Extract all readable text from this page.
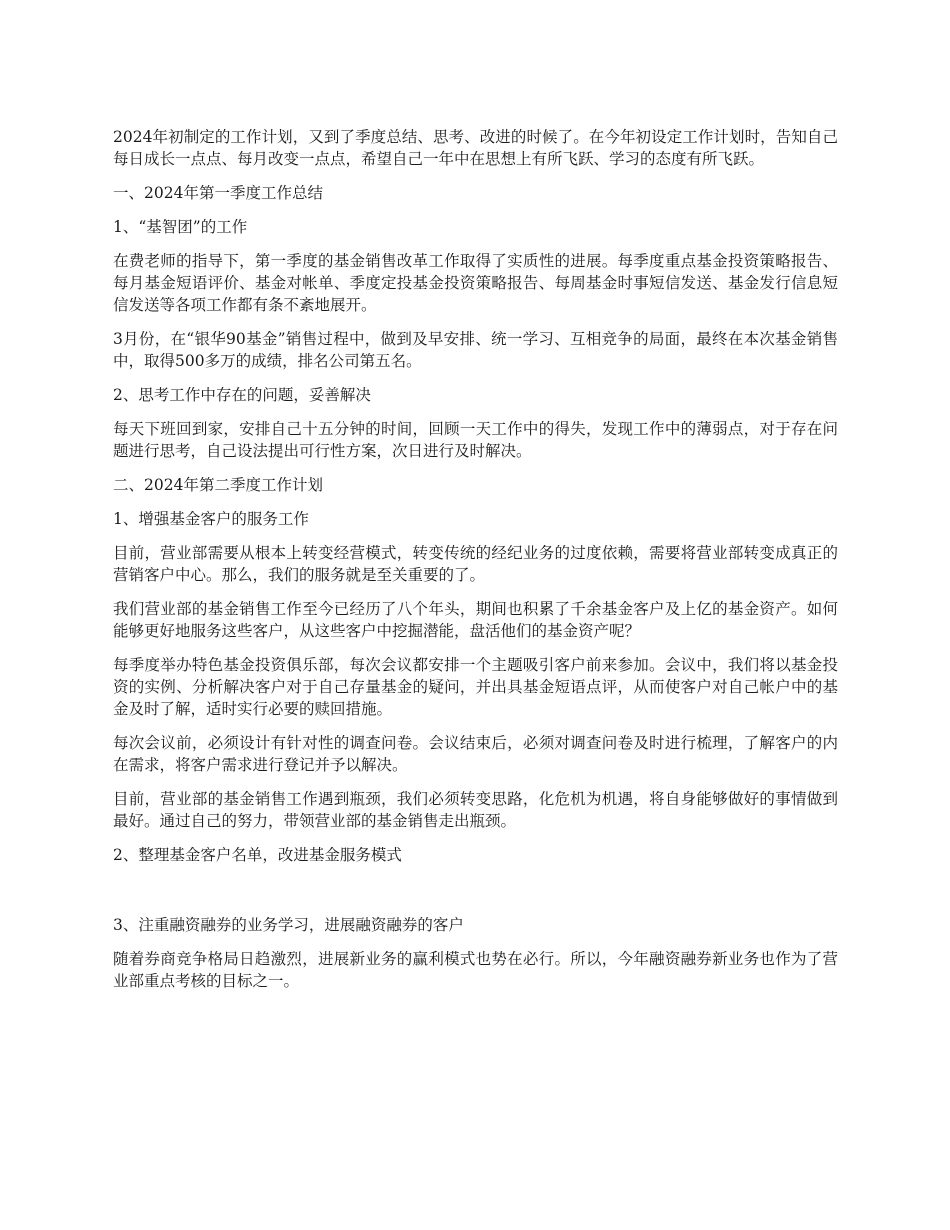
2024年初制定的工作计划，又到了季度总结、思考、改进的时候了。在今年初设定工作计划时，告知自己每日成长一点点、每月改变一点点，希望自己一年中在思想上有所飞跃、学习的态度有所飞跃。

一、2024年第一季度工作总结

1、“基智团”的工作

在费老师的指导下，第一季度的基金销售改革工作取得了实质性的进展。每季度重点基金投资策略报告、每月基金短语评价、基金对帐单、季度定投基金投资策略报告、每周基金时事短信发送、基金发行信息短信发送等各项工作都有条不紊地展开。

3月份，在“银华90基金”销售过程中，做到及早安排、统一学习、互相竞争的局面，最终在本次基金销售中，取得500多万的成绩，排名公司第五名。

2、思考工作中存在的问题，妥善解决

每天下班回到家，安排自己十五分钟的时间，回顾一天工作中的得失，发现工作中的薄弱点，对于存在问题进行思考，自己设法提出可行性方案，次日进行及时解决。

二、2024年第二季度工作计划

1、增强基金客户的服务工作

目前，营业部需要从根本上转变经营模式，转变传统的经纪业务的过度依赖，需要将营业部转变成真正的营销客户中心。那么，我们的服务就是至关重要的了。

我们营业部的基金销售工作至今已经历了八个年头，期间也积累了千余基金客户及上亿的基金资产。如何能够更好地服务这些客户，从这些客户中挖掘潜能，盘活他们的基金资产呢？

每季度举办特色基金投资俱乐部，每次会议都安排一个主题吸引客户前来参加。会议中，我们将以基金投资的实例、分析解决客户对于自己存量基金的疑问，并出具基金短语点评，从而使客户对自己帐户中的基金及时了解，适时实行必要的赎回措施。

每次会议前，必须设计有针对性的调查问卷。会议结束后，必须对调查问卷及时进行梳理，了解客户的内在需求，将客户需求进行登记并予以解决。

目前，营业部的基金销售工作遇到瓶颈，我们必须转变思路，化危机为机遇，将自身能够做好的事情做到最好。通过自己的努力，带领营业部的基金销售走出瓶颈。

2、整理基金客户名单，改进基金服务模式

3、注重融资融券的业务学习，进展融资融券的客户

随着券商竞争格局日趋激烈，进展新业务的赢利模式也势在必行。所以，今年融资融券新业务也作为了营业部重点考核的目标之一。
